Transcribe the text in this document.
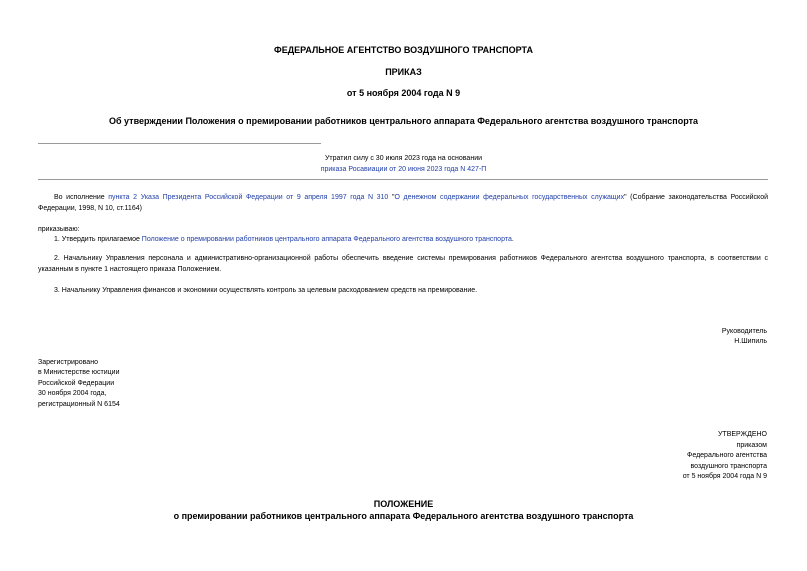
ФЕДЕРАЛЬНОЕ АГЕНТСТВО ВОЗДУШНОГО ТРАНСПОРТА
ПРИКАЗ
от 5 ноября 2004 года N 9
Об утверждении Положения о премировании работников центрального аппарата Федерального агентства воздушного транспорта
Утратил силу с 30 июля 2023 года на основании
приказа Росавиации от 20 июня 2023 года N 427-П
Во исполнение пункта 2 Указа Президента Российской Федерации от 9 апреля 1997 года N 310 "О денежном содержании федеральных государственных служащих" (Собрание законодательства Российской Федерации, 1998, N 10, ст.1164)
приказываю:
1. Утвердить прилагаемое Положение о премировании работников центрального аппарата Федерального агентства воздушного транспорта.
2. Начальнику Управления персонала и административно-организационной работы обеспечить введение системы премирования работников Федерального агентства воздушного транспорта, в соответствии с указанным в пункте 1 настоящего приказа Положением.
3. Начальнику Управления финансов и экономики осуществлять контроль за целевым расходованием средств на премирование.
Руководитель
Н.Шипиль
Зарегистрировано
в Министерстве юстиции
Российской Федерации
30 ноября 2004 года,
регистрационный N 6154
УТВЕРЖДЕНО
приказом
Федерального агентства
воздушного транспорта
от 5 ноября 2004 года N 9
ПОЛОЖЕНИЕ
о премировании работников центрального аппарата Федерального агентства воздушного транспорта
